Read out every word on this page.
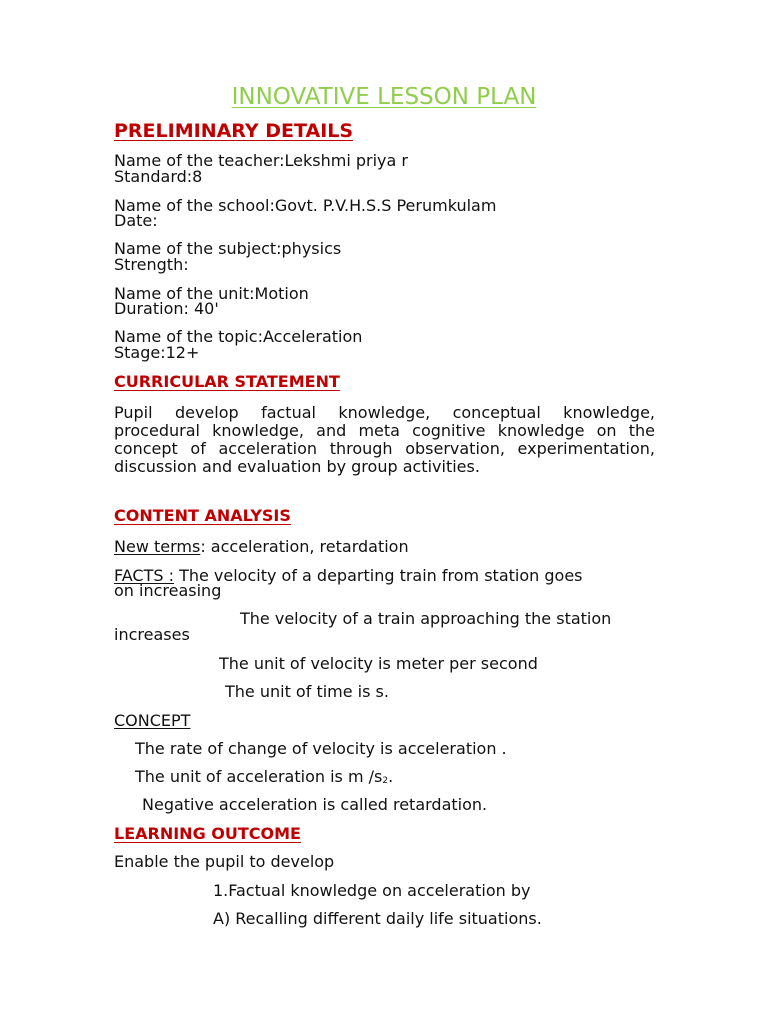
INNOVATIVE LESSON PLAN
PRELIMINARY DETAILS
Name of the teacher:Lekshmi priya r
Standard:8
Name of the school:Govt. P.V.H.S.S Perumkulam
Date:
Name of the subject:physics
Strength:
Name of the unit:Motion
Duration: 40'
Name of the topic:Acceleration
Stage:12+
CURRICULAR STATEMENT
Pupil develop factual knowledge, conceptual knowledge, procedural knowledge, and meta cognitive knowledge on the concept of acceleration through observation, experimentation, discussion and evaluation by group activities.
CONTENT ANALYSIS
New terms: acceleration, retardation
FACTS : The velocity of a departing train from station goes
on increasing
The velocity of a train approaching the station
increases
The unit of velocity is meter per second
The unit of time is s.
CONCEPT
The rate of change of velocity is acceleration .
The unit of acceleration is m $/s_2$.
Negative acceleration is called retardation.
LEARNING OUTCOME
Enable the pupil to develop
1.Factual knowledge on acceleration by
A) Recalling different daily life situations.
